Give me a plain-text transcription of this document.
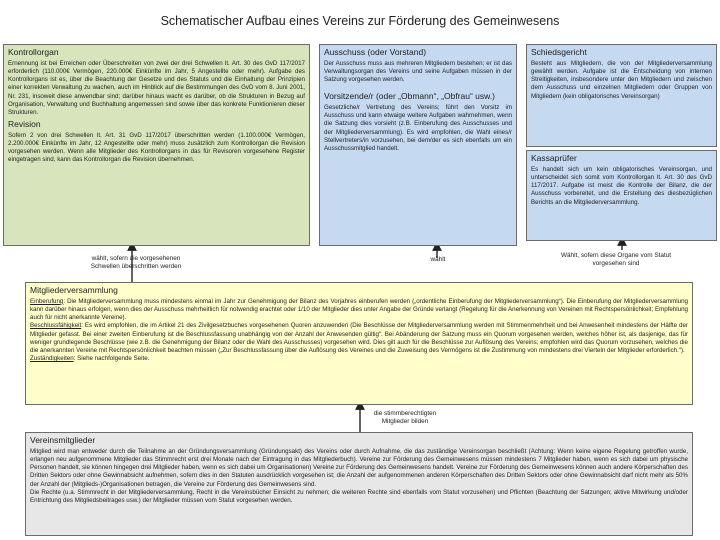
Schematischer Aufbau eines Vereins zur Förderung des Gemeinwesens
Kontrollorgan

Ernennung ist bei Erreichen oder Überschreiten von zwei der drei Schwellen lt. Art. 30 des GvD 117/2017 erforderlich (110.000€ Vermögen, 220.000€ Einkünfte im Jahr, 5 Angestellte oder mehr). Aufgabe des Kontrollorgans ist es, über die Beachtung der Gesetze und des Statuts und die Einhaltung der Prinzipien einer korrekten Verwaltung zu wachen, auch im Hinblick auf die Bestimmungen des GvD vom 8. Juni 2001, Nr. 231, insoweit diese anwendbar sind; darüber hinaus wacht es darüber, ob die Strukturen in Bezug auf Organisation, Verwaltung und Buchhaltung angemessen sind sowie über das konkrete Funktionieren dieser Strukturen.

Revision

Sofern 2 von drei Schwellen lt. Art. 31 GvD 117/2017 überschritten werden (1.100.000€ Vermögen, 2.200.000€ Einkünfte im Jahr, 12 Angestellte oder mehr) muss zusätzlich zum Kontrollorgan die Revision vorgesehen werden. Wenn alle Mitglieder des Kontrollorgans in das für Revisoren vorgesehene Register eingetragen sind, kann das Kontrollorgan die Revision übernehmen.

Ausschuss (oder Vorstand)

Der Ausschuss muss aus mehreren Mitgliedern bestehen; er ist das Verwaltungsorgan des Vereins und seine Aufgaben müssen in der Satzung vorgesehen werden.

Vorsitzende/r (oder „Obmann“, „Obfrau“ usw.)

Gesetzliche/r Vertretung des Vereins; führt den Vorsitz im Ausschuss und kann etwaige weitere Aufgaben wahrnehmen, wenn die Satzung dies vorsieht (z.B. Einberufung des Ausschusses und der Mitgliederversammlung). Es wird empfohlen, die Wahl eines/r Stellvertreters/in vorzusehen, bei dem/der es sich ebenfalls um ein Ausschussmitglied handelt.

Schiedsgericht

Besteht aus Mitgliedern, die von der Mitgliederversammlung gewählt werden. Aufgabe ist die Entscheidung von internen Streitigkeiten, insbesondere unter den Mitgliedern und zwischen dem Ausschuss und einzelnen Mitgliedern oder Gruppen von Mitgliedern (kein obligatorisches Vereinsorgan)

Kassaprüfer

Es handelt sich um kein obligatorisches Vereinsorgan, und unterscheidet sich somit vom Kontrollorgan lt. Art. 30 des GvD 117/2017. Aufgabe ist meist die Kontrolle der Bilanz, die der Ausschuss vorbereitet, und die Erstellung des diesbezüglichen Berichts an die Mitgliederversammlung.

wählt, sofern die vorgesehenen Schwellen überschritten werden
wählt
Wählt, sofern diese Organe vom Statut vorgesehen sind
Mitgliederversammlung

Einberufung: Die Mitgliederversammlung muss mindestens einmal im Jahr zur Genehmigung der Bilanz des Vorjahres einberufen werden („ordentliche Einberufung der Mitgliederversammlung“). Die Einberufung der Mitgliederversammlung kann darüber hinaus erfolgen, wenn dies der Ausschuss mehrheitlich für notwendig erachtet oder 1/10 der Mitglieder dies unter Angabe der Gründe verlangt (Regelung für die Anerkennung von Vereinen mit Rechtspersönlichkeit; Empfehlung auch für nicht anerkannte Vereine).

Beschlussfähigkeit: Es wird empfohlen, die im Artikel 21 des Zivilgesetzbuches vorgesehenen Quoren anzuwenden (Die Beschlüsse der Mitgliederversammlung werden mit Stimmenmehrheit und bei Anwesenheit mindestens der Hälfte der Mitglieder gefasst. Bei einer zweiten Einberufung ist die Beschlussfassung unabhängig von der Anzahl der Anwesenden gültig“. Bei Abänderung der Satzung muss ein Quorum vorgesehen werden, welches höher ist, als dasjenige, das für weniger grundlegende Beschlüsse (wie z.B. die Genehmigung der Bilanz oder die Wahl des Ausschusses) vorgesehen wird. Dies gilt auch für die Beschlüsse zur Auflösung des Vereins; empfohlen wird das Quorum vorzusehen, welches die die anerkannten Vereine mit Rechtspersönlichkeit beachten müssen („Zur Beschlussfassung über die Auflösung des Vereines und die Zuweisung des Vermögens ist die Zustimmung von mindestens drei Vierteln der Mitglieder erforderlich.“).

Zuständigkeiten: Siehe nachfolgende Seite.

die stimmberechtigten Mitglieder bilden
Vereinsmitglieder

Mitglied wird man entweder durch die Teilnahme an der Gründungsversammlung (Gründungsakt) des Vereins oder durch Aufnahme, die das zuständige Vereinsorgan beschließt (Achtung: Wenn keine eigene Regelung getroffen wurde, erlangen neu aufgenommene Mitglieder das Stimmrecht erst drei Monate nach der Eintragung in das Mitgliederbuch). Vereine zur Förderung des Gemeinwesens müssen mindestens 7 Mitglieder haben, wenn es sich dabei um physische Personen handelt, sie können hingegen drei Mitglieder haben, wenn es sich dabei um Organisationen) Vereine zur Förderung des Gemeinwesens handelt. Vereine zur Förderung des Gemeinwesens können auch andere Körperschaften des Dritten Sektors oder ohne Gewinnabsicht aufnehmen, sofern dies in den Statuten ausdrücklich vorgesehen ist; die Anzahl der aufgenommenen anderen Körperschaften des Dritten Sektors oder ohne Gewinnabsicht darf nicht mehr als 50% der Anzahl der (Mitglieds-)Organisationen betragen, die Vereine zur Förderung des Gemeinwesens sind.

Die Rechte (u.a. Stimmrecht in der Mitgliederversammlung, Recht in die Vereinsbücher Einsicht zu nehmen; die weiteren Rechte sind ebenfalls vom Statut vorzusehen) und Pflichten (Beachtung der Satzungen; aktive Mitwirkung und/oder Entrichtung des Mitgliedsbeitrages usw.) der Mitglieder müssen vom Statut vorgesehen werden.
